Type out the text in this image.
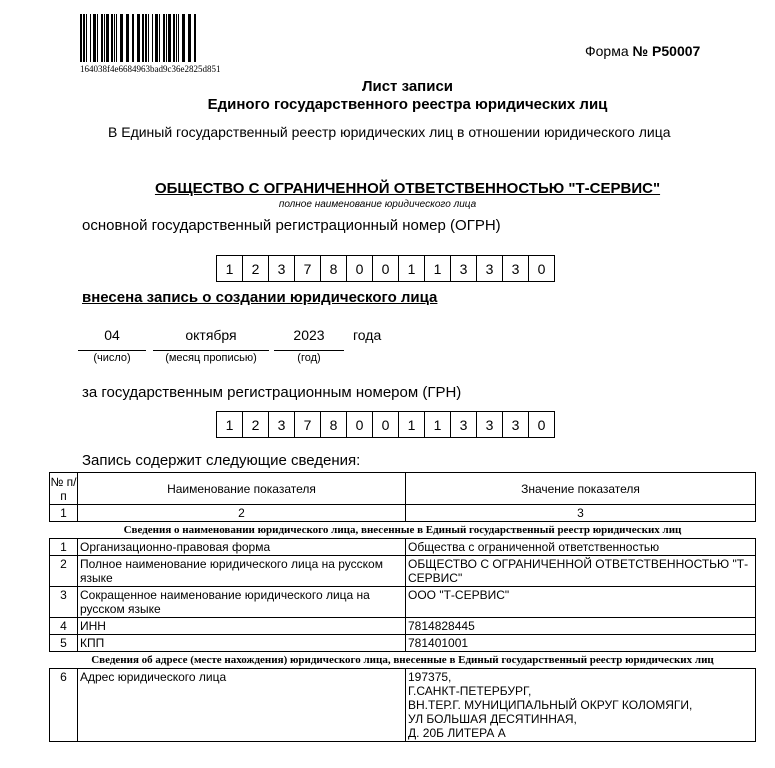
164038f4e6684963bad9c36e2825d851
Форма № Р50007
Лист записи
Единого государственного реестра юридических лиц
В Единый государственный реестр юридических лиц в отношении юридического лица
ОБЩЕСТВО С ОГРАНИЧЕННОЙ ОТВЕТСТВЕННОСТЬЮ "Т-СЕРВИС"
полное наименование юридического лица
основной государственный регистрационный номер (ОГРН)
1	2	3	7	8	0	0	1	1	3	3	3	0
внесена запись о создании юридического лица
04
(число)
октября
(месяц прописью)
2023
(год)
года
за государственным регистрационным номером (ГРН)
1	2	3	7	8	0	0	1	1	3	3	3	0
Запись содержит следующие сведения:
№ п/п	Наименование показателя	Значение показателя
1	2	3
Сведения о наименовании юридического лица, внесенные в Единый государственный реестр юридических лиц		
1	Организационно-правовая форма	Общества с ограниченной ответственностью
2	Полное наименование юридического лица на русском языке	ОБЩЕСТВО С ОГРАНИЧЕННОЙ ОТВЕТСТВЕННОСТЬЮ "Т-СЕРВИС"
3	Сокращенное наименование юридического лица на русском языке	ООО "Т-СЕРВИС"
4	ИНН	7814828445
5	КПП	781401001
Сведения об адресе (месте нахождения) юридического лица, внесенные в Единый государственный реестр юридических лиц		
6	Адрес юридического лица	197375,
Г.САНКТ-ПЕТЕРБУРГ,
ВН.ТЕР.Г. МУНИЦИПАЛЬНЫЙ ОКРУГ КОЛОМЯГИ,
УЛ БОЛЬШАЯ ДЕСЯТИННАЯ,
Д. 20Б ЛИТЕРА А
